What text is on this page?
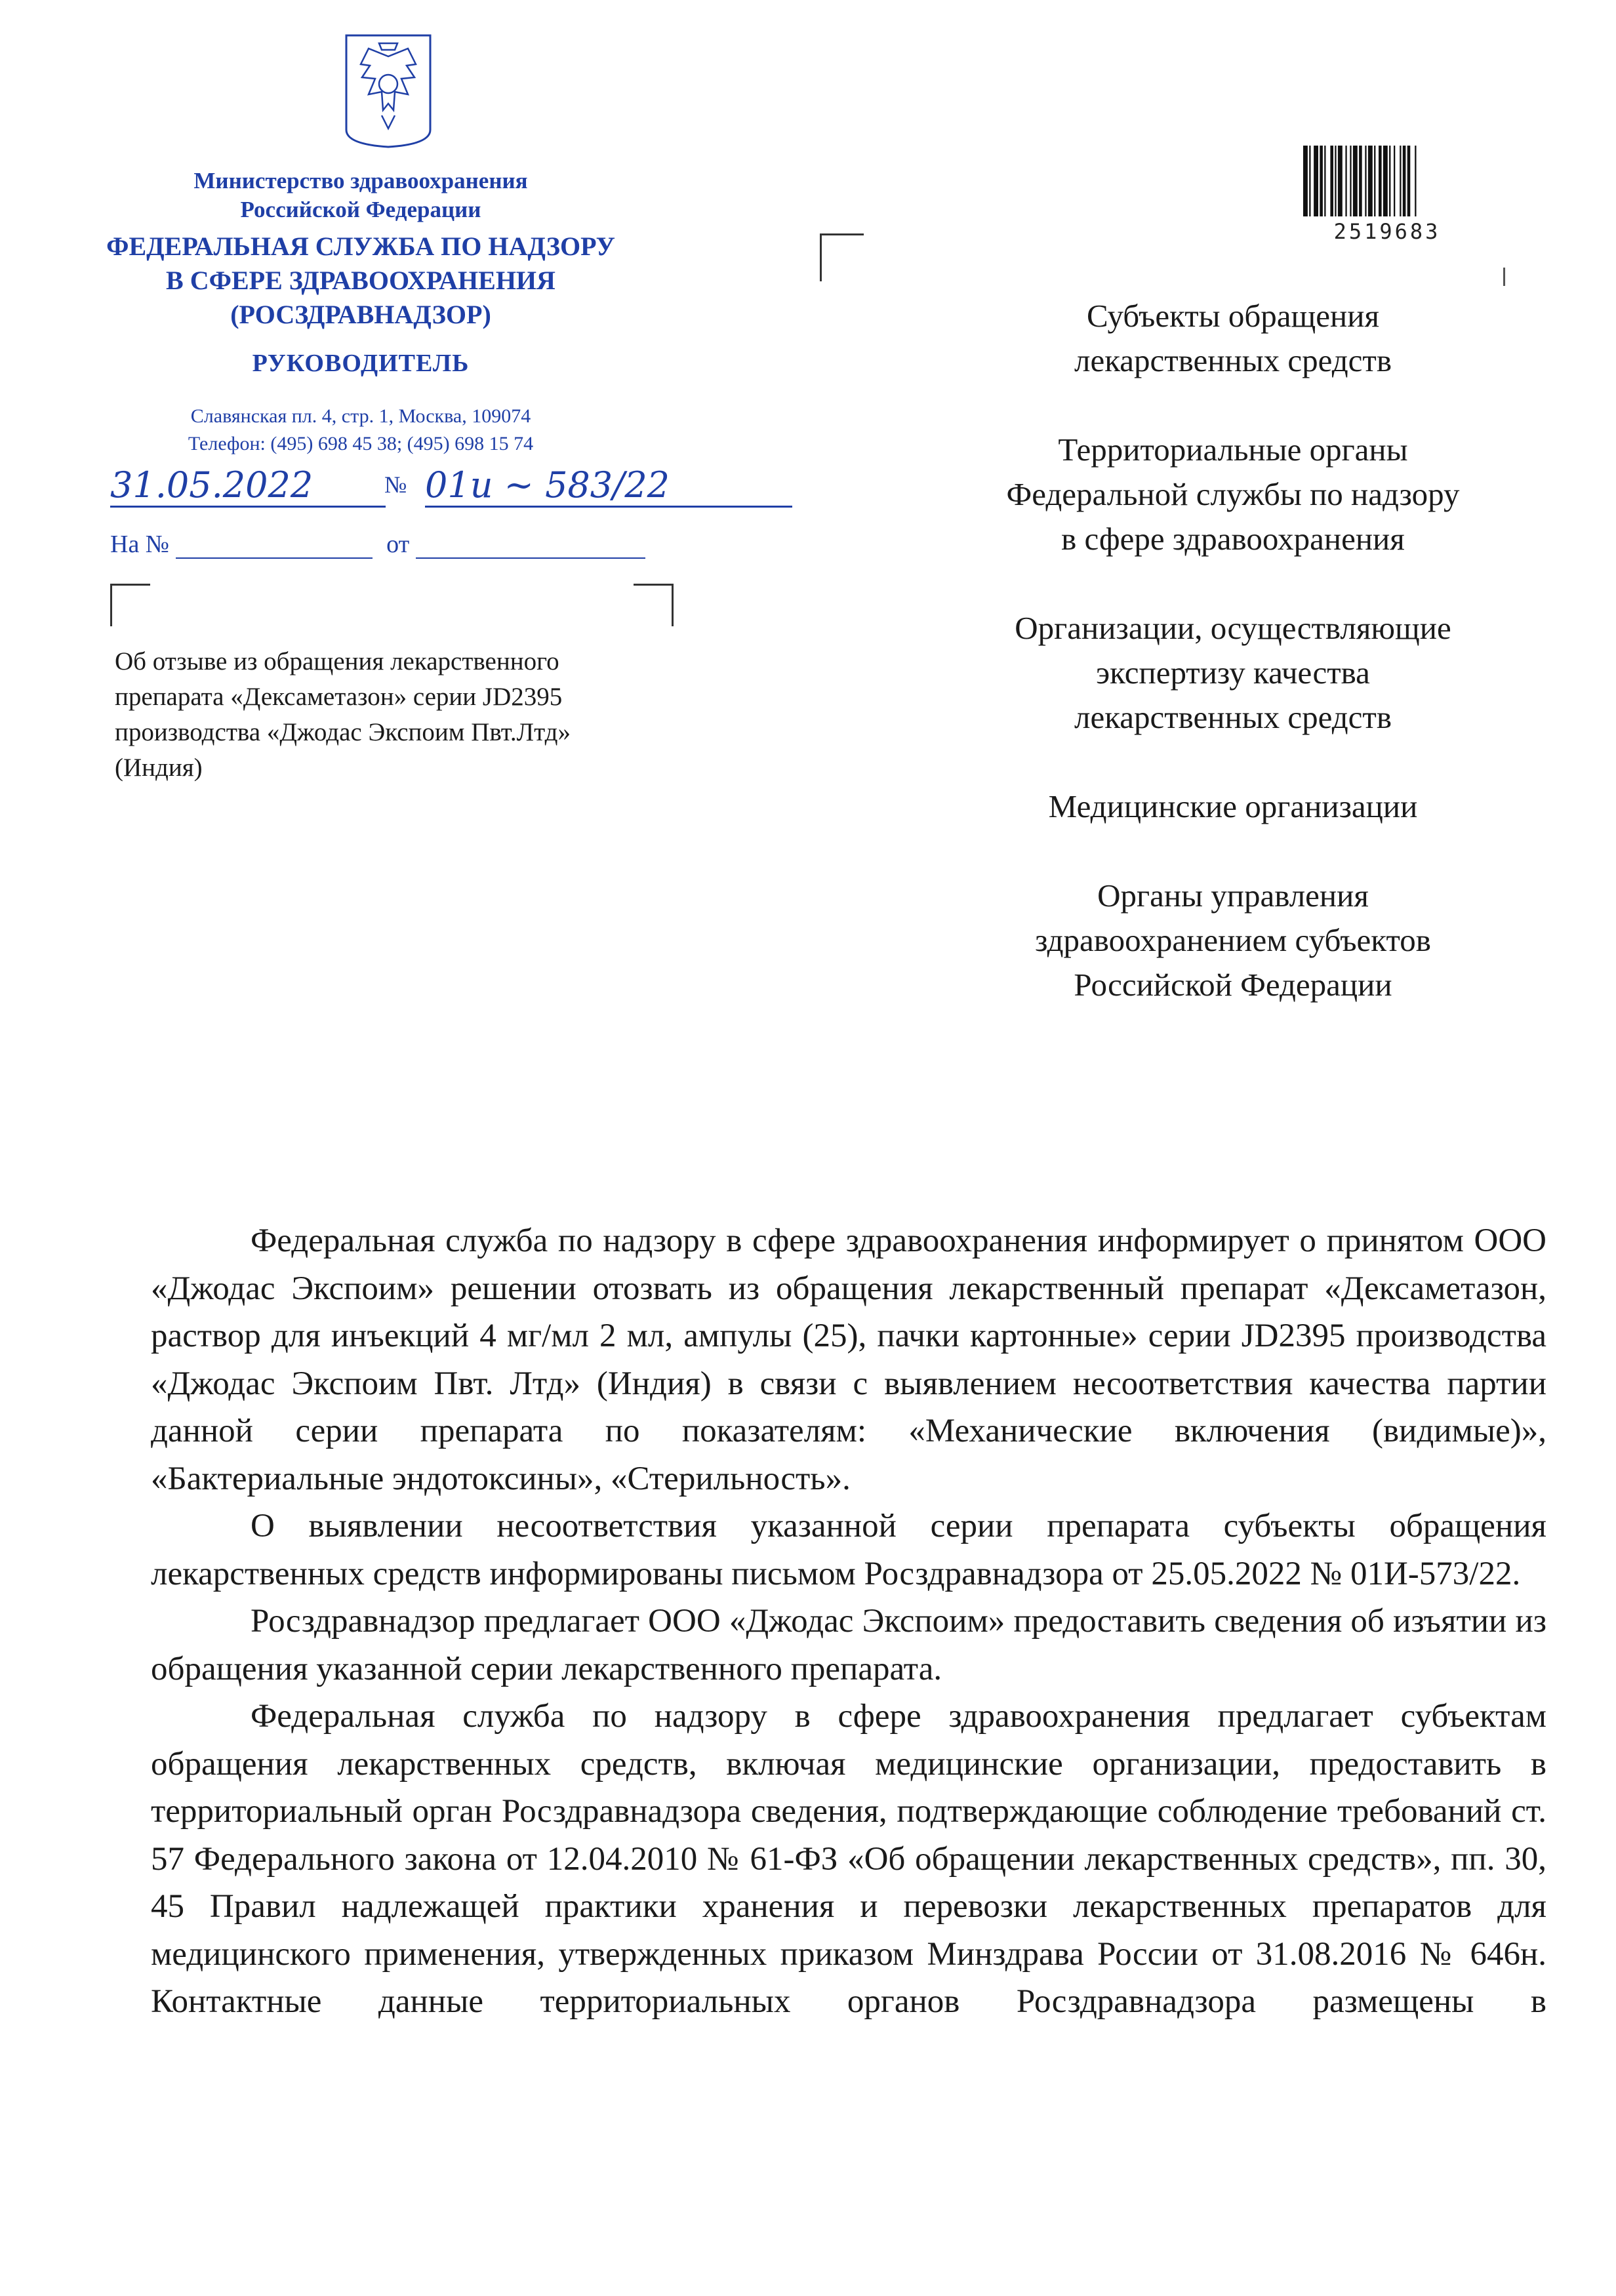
Министерство здравоохранения
Российской Федерации
ФЕДЕРАЛЬНАЯ СЛУЖБА ПО НАДЗОРУ
В СФЕРЕ ЗДРАВООХРАНЕНИЯ
(РОСЗДРАВНАДЗОР)
РУКОВОДИТЕЛЬ
Славянская пл. 4, стр. 1, Москва, 109074
Телефон: (495) 698 45 38; (495) 698 15 74
31.05.2022	№ 01и ~ 583/22
На №	от
Об отзыве из обращения лекарственного
препарата «Дексаметазон» серии JD2395
производства «Джодас Экспоим Пвт.Лтд»
(Индия)
2519683
Субъекты обращения
лекарственных средств
Территориальные органы
Федеральной службы по надзору
в сфере здравоохранения
Организации, осуществляющие
экспертизу качества
лекарственных средств
Медицинские организации
Органы управления
здравоохранением субъектов
Российской Федерации

Федеральная служба по надзору в сфере здравоохранения информирует о принятом ООО «Джодас Экспоим» решении отозвать из обращения лекарственный препарат «Дексаметазон, раствор для инъекций 4 мг/мл 2 мл, ампулы (25), пачки картонные» серии JD2395 производства «Джодас Экспоим Пвт. Лтд» (Индия) в связи с выявлением несоответствия качества партии данной серии препарата по показателям: «Механические включения (видимые)», «Бактериальные эндотоксины», «Стерильность».

О выявлении несоответствия указанной серии препарата субъекты обращения лекарственных средств информированы письмом Росздравнадзора от 25.05.2022 № 01И-573/22.

Росздравнадзор предлагает ООО «Джодас Экспоим» предоставить сведения об изъятии из обращения указанной серии лекарственного препарата.

Федеральная служба по надзору в сфере здравоохранения предлагает субъектам обращения лекарственных средств, включая медицинские организации, предоставить в территориальный орган Росздравнадзора сведения, подтверждающие соблюдение требований ст. 57 Федерального закона от 12.04.2010 № 61-ФЗ «Об обращении лекарственных средств», пп. 30, 45 Правил надлежащей практики хранения и перевозки лекарственных препаратов для медицинского применения, утвержденных приказом Минздрава России от 31.08.2016 № 646н. Контактные данные территориальных органов Росздравнадзора размещены в
